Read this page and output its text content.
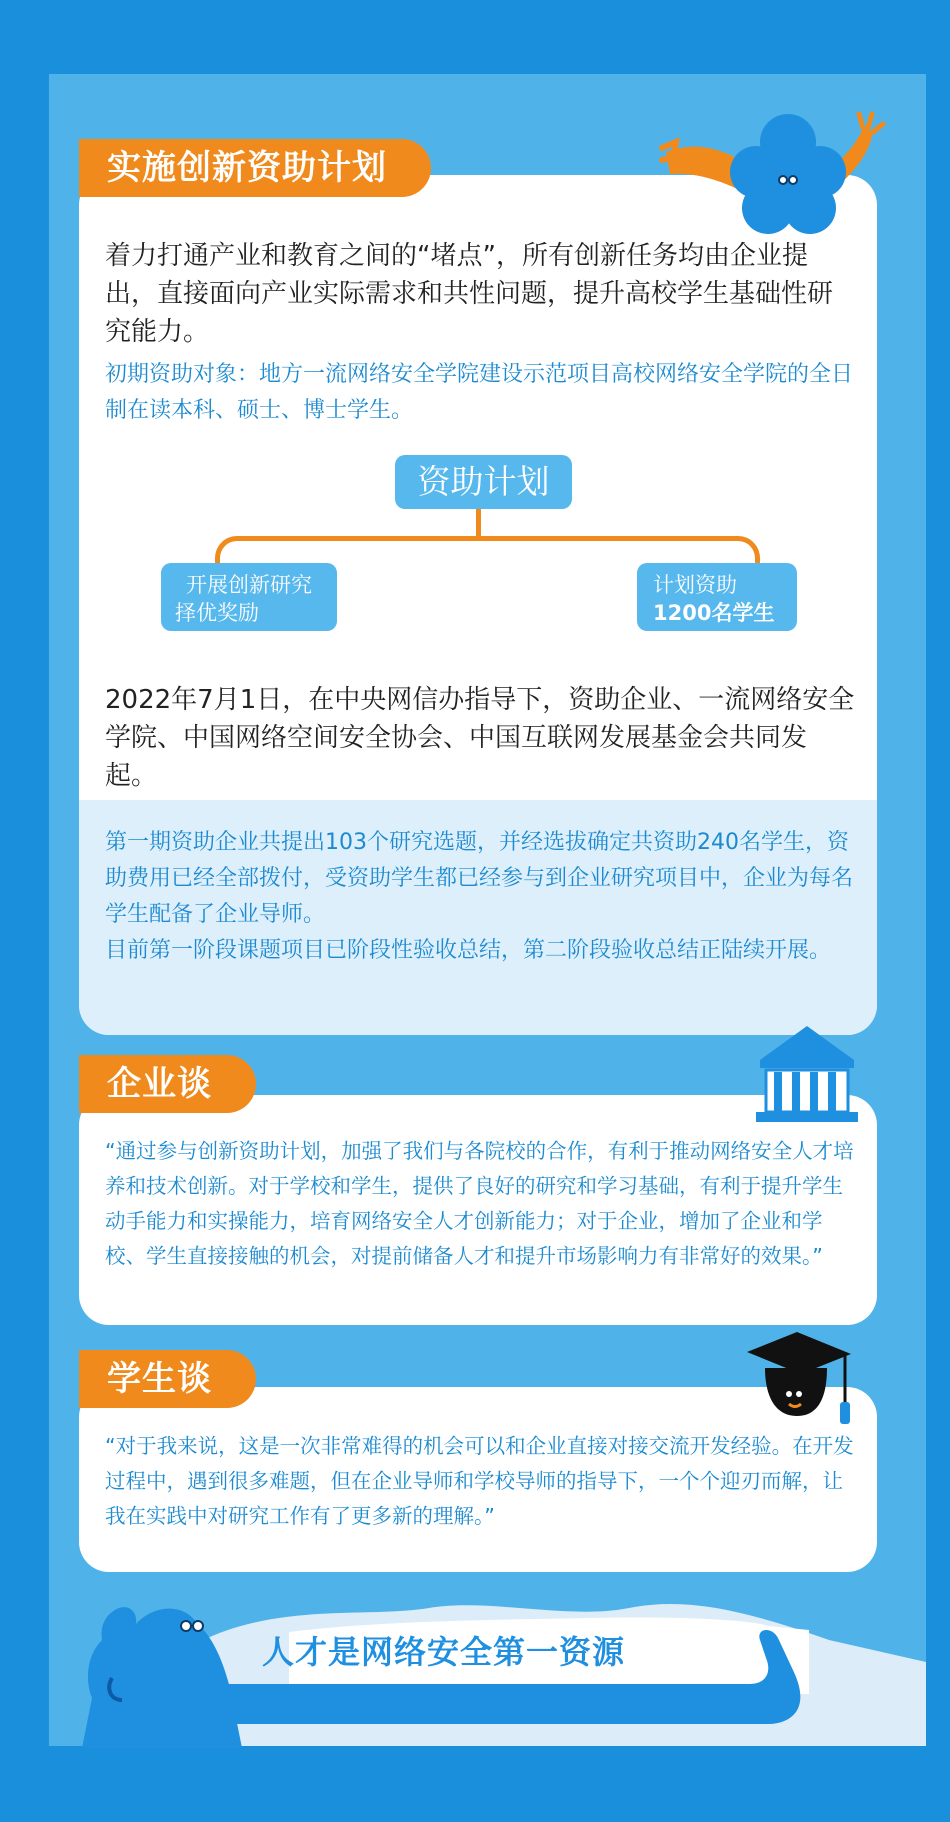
实施创新资助计划
着力打通产业和教育之间的“堵点”，所有创新任务均由企业提出，直接面向产业实际需求和共性问题，提升高校学生基础性研究能力。
初期资助对象：地方一流网络安全学院建设示范项目高校网络安全学院的全日制在读本科、硕士、博士学生。
资助计划
开展创新研究
择优奖励
计划资助
1200名学生
2022年7月1日，在中央网信办指导下，资助企业、一流网络安全学院、中国网络空间安全协会、中国互联网发展基金会共同发起。
第一期资助企业共提出103个研究选题，并经选拔确定共资助240名学生，资助费用已经全部拨付，受资助学生都已经参与到企业研究项目中，企业为每名学生配备了企业导师。
目前第一阶段课题项目已阶段性验收总结，第二阶段验收总结正陆续开展。
企业谈
“通过参与创新资助计划，加强了我们与各院校的合作，有利于推动网络安全人才培养和技术创新。对于学校和学生，提供了良好的研究和学习基础，有利于提升学生动手能力和实操能力，培育网络安全人才创新能力；对于企业，增加了企业和学校、学生直接接触的机会，对提前储备人才和提升市场影响力有非常好的效果。”
学生谈
“对于我来说，这是一次非常难得的机会可以和企业直接对接交流开发经验。在开发过程中，遇到很多难题，但在企业导师和学校导师的指导下，一个个迎刃而解，让我在实践中对研究工作有了更多新的理解。”
人才是网络安全第一资源
